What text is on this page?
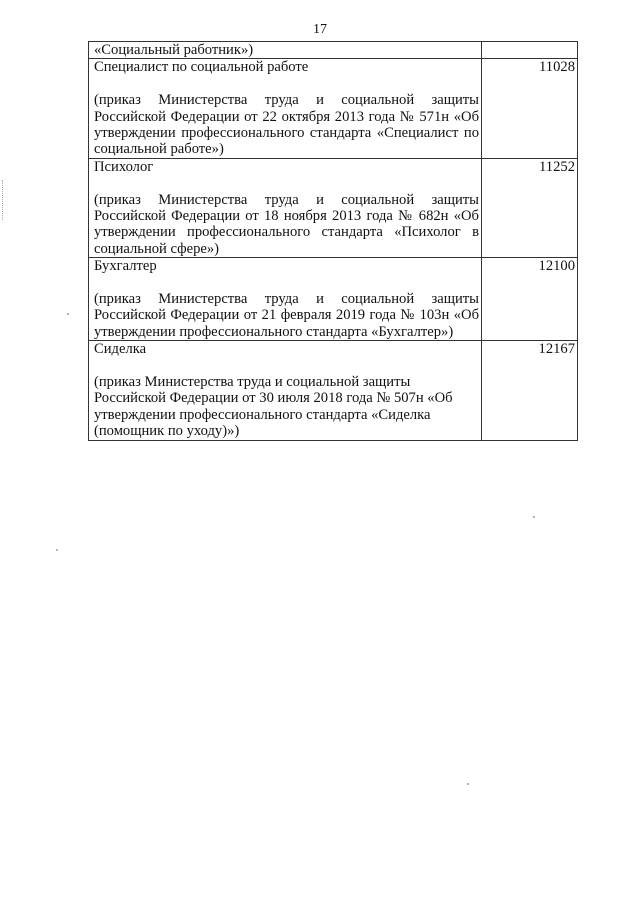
17
«Социальный работник»)	
Специалист по социальной работе
(приказ Министерства труда и социальной защиты Российской Федерации от 22 октября 2013 года № 571н «Об утверждении профессионального стандарта «Специалист по социальной работе»)	11028
Психолог
(приказ Министерства труда и социальной защиты Российской Федерации от 18 ноября 2013 года № 682н «Об утверждении профессионального стандарта «Психолог в социальной сфере»)	11252
Бухгалтер
(приказ Министерства труда и социальной защиты Российской Федерации от 21 февраля 2019 года № 103н «Об утверждении профессионального стандарта «Бухгалтер»)	12100
Сиделка
(приказ Министерства труда и социальной защиты Российской Федерации от 30 июля 2018 года № 507н «Об утверждении профессионального стандарта «Сиделка (помощник по уходу)»)	12167
